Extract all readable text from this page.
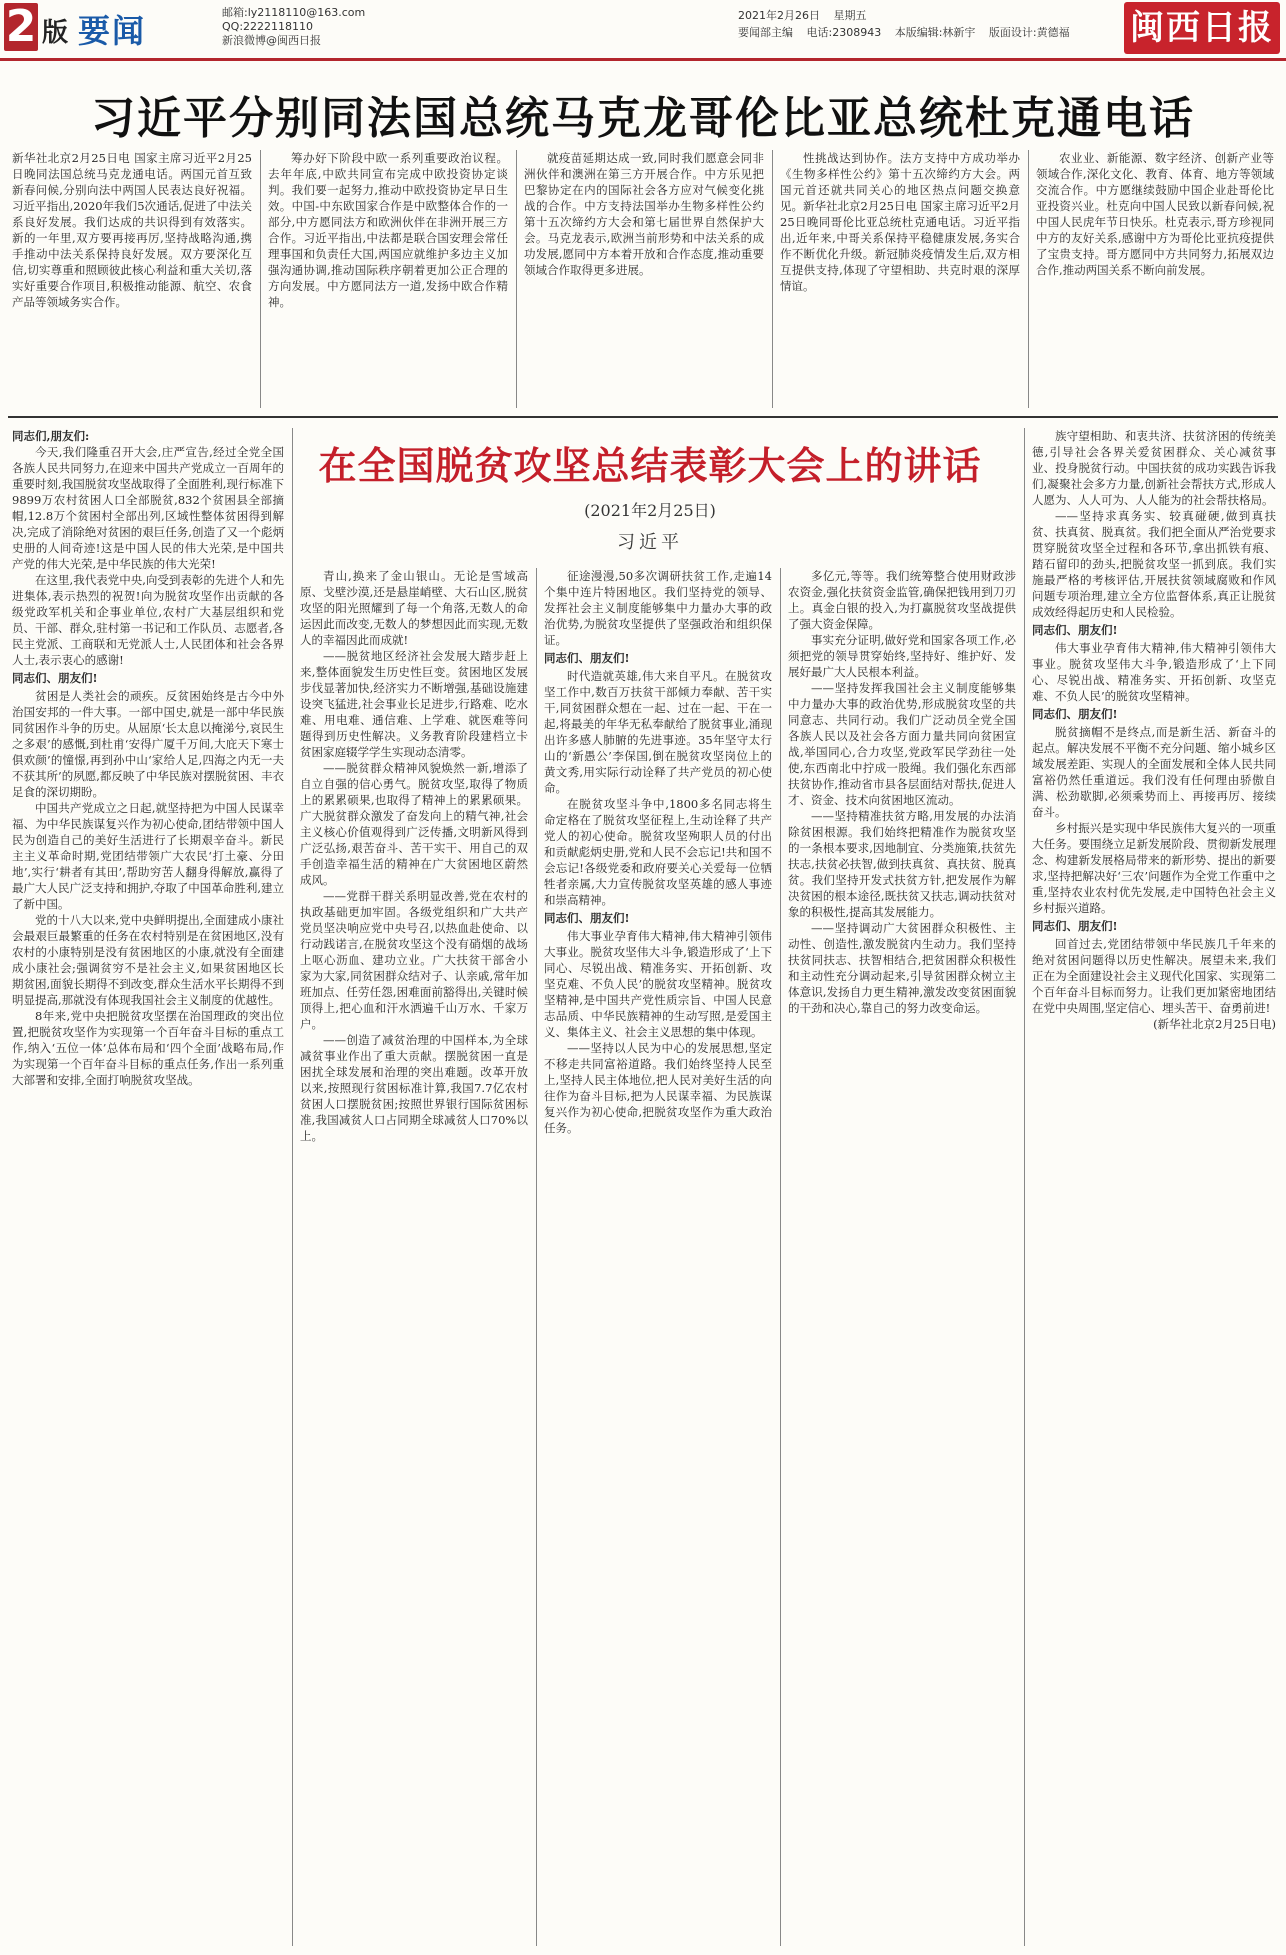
2 版 要闻	邮箱:ly2118110@163.com
QQ:2222118110
新浪微博@闽西日报
2021年2月26日 星期五
要闻部主编 电话:2308943 本版编辑:林新宇 版面设计:黄德福 闽西日报
习近平分别同法国总统马克龙哥伦比亚总统杜克通电话

新华社北京2月25日电 国家主席习近平2月25日晚同法国总统马克龙通电话。两国元首互致新春问候,分别向法中两国人民表达良好祝福。习近平指出,2020年我们5次通话,促进了中法关系良好发展。我们达成的共识得到有效落实。新的一年里,双方要再接再厉,坚持战略沟通,携手推动中法关系保持良好发展。双方要深化互信,切实尊重和照顾彼此核心利益和重大关切,落实好重要合作项目,积极推动能源、航空、农食产品等领域务实合作。

筹办好下阶段中欧一系列重要政治议程。去年年底,中欧共同宣布完成中欧投资协定谈判。我们要一起努力,推动中欧投资协定早日生效。中国-中东欧国家合作是中欧整体合作的一部分,中方愿同法方和欧洲伙伴在非洲开展三方合作。习近平指出,中法都是联合国安理会常任理事国和负责任大国,两国应就维护多边主义加强沟通协调,推动国际秩序朝着更加公正合理的方向发展。中方愿同法方一道,发扬中欧合作精神。

就疫苗延期达成一致,同时我们愿意会同非洲伙伴和澳洲在第三方开展合作。中方乐见把巴黎协定在内的国际社会各方应对气候变化挑战的合作。中方支持法国举办生物多样性公约第十五次缔约方大会和第七届世界自然保护大会。马克龙表示,欧洲当前形势和中法关系的成功发展,愿同中方本着开放和合作态度,推动重要领域合作取得更多进展。

性挑战达到协作。法方支持中方成功举办《生物多样性公约》第十五次缔约方大会。两国元首还就共同关心的地区热点问题交换意见。新华社北京2月25日电 国家主席习近平2月25日晚同哥伦比亚总统杜克通电话。习近平指出,近年来,中哥关系保持平稳健康发展,务实合作不断优化升级。新冠肺炎疫情发生后,双方相互提供支持,体现了守望相助、共克时艰的深厚情谊。

农业业、新能源、数字经济、创新产业等领域合作,深化文化、教育、体育、地方等领域交流合作。中方愿继续鼓励中国企业赴哥伦比亚投资兴业。杜克向中国人民致以新春问候,祝中国人民虎年节日快乐。杜克表示,哥方珍视同中方的友好关系,感谢中方为哥伦比亚抗疫提供了宝贵支持。哥方愿同中方共同努力,拓展双边合作,推动两国关系不断向前发展。

在全国脱贫攻坚总结表彰大会上的讲话
(2021年2月25日)
习近平

同志们,朋友们:

今天,我们隆重召开大会,庄严宣告,经过全党全国各族人民共同努力,在迎来中国共产党成立一百周年的重要时刻,我国脱贫攻坚战取得了全面胜利,现行标准下9899万农村贫困人口全部脱贫,832个贫困县全部摘帽,12.8万个贫困村全部出列,区域性整体贫困得到解决,完成了消除绝对贫困的艰巨任务,创造了又一个彪炳史册的人间奇迹!这是中国人民的伟大光荣,是中国共产党的伟大光荣,是中华民族的伟大光荣!

在这里,我代表党中央,向受到表彰的先进个人和先进集体,表示热烈的祝贺!向为脱贫攻坚作出贡献的各级党政军机关和企事业单位,农村广大基层组织和党员、干部、群众,驻村第一书记和工作队员、志愿者,各民主党派、工商联和无党派人士,人民团体和社会各界人士,表示衷心的感谢!

同志们、朋友们!

贫困是人类社会的顽疾。反贫困始终是古今中外治国安邦的一件大事。一部中国史,就是一部中华民族同贫困作斗争的历史。从屈原‘长太息以掩涕兮,哀民生之多艰’的感慨,到杜甫‘安得广厦千万间,大庇天下寒士俱欢颜’的憧憬,再到孙中山‘家给人足,四海之内无一夫不获其所’的夙愿,都反映了中华民族对摆脱贫困、丰衣足食的深切期盼。

中国共产党成立之日起,就坚持把为中国人民谋幸福、为中华民族谋复兴作为初心使命,团结带领中国人民为创造自己的美好生活进行了长期艰辛奋斗。新民主主义革命时期,党团结带领广大农民‘打土豪、分田地’,实行‘耕者有其田’,帮助穷苦人翻身得解放,赢得了最广大人民广泛支持和拥护,夺取了中国革命胜利,建立了新中国。

党的十八大以来,党中央鲜明提出,全面建成小康社会最艰巨最繁重的任务在农村特别是在贫困地区,没有农村的小康特别是没有贫困地区的小康,就没有全面建成小康社会;强调贫穷不是社会主义,如果贫困地区长期贫困,面貌长期得不到改变,群众生活水平长期得不到明显提高,那就没有体现我国社会主义制度的优越性。

8年来,党中央把脱贫攻坚摆在治国理政的突出位置,把脱贫攻坚作为实现第一个百年奋斗目标的重点工作,纳入‘五位一体’总体布局和‘四个全面’战略布局,作为实现第一个百年奋斗目标的重点任务,作出一系列重大部署和安排,全面打响脱贫攻坚战。

青山,换来了金山银山。无论是雪域高原、戈壁沙漠,还是悬崖峭壁、大石山区,脱贫攻坚的阳光照耀到了每一个角落,无数人的命运因此而改变,无数人的梦想因此而实现,无数人的幸福因此而成就!

——脱贫地区经济社会发展大踏步赶上来,整体面貌发生历史性巨变。贫困地区发展步伐显著加快,经济实力不断增强,基础设施建设突飞猛进,社会事业长足进步,行路难、吃水难、用电难、通信难、上学难、就医难等问题得到历史性解决。义务教育阶段建档立卡贫困家庭辍学学生实现动态清零。

——脱贫群众精神风貌焕然一新,增添了自立自强的信心勇气。脱贫攻坚,取得了物质上的累累硕果,也取得了精神上的累累硕果。广大脱贫群众激发了奋发向上的精气神,社会主义核心价值观得到广泛传播,文明新风得到广泛弘扬,艰苦奋斗、苦干实干、用自己的双手创造幸福生活的精神在广大贫困地区蔚然成风。

——党群干群关系明显改善,党在农村的执政基础更加牢固。各级党组织和广大共产党员坚决响应党中央号召,以热血赴使命、以行动践诺言,在脱贫攻坚这个没有硝烟的战场上呕心沥血、建功立业。广大扶贫干部舍小家为大家,同贫困群众结对子、认亲戚,常年加班加点、任劳任怨,困难面前豁得出,关键时候顶得上,把心血和汗水洒遍千山万水、千家万户。

——创造了减贫治理的中国样本,为全球减贫事业作出了重大贡献。摆脱贫困一直是困扰全球发展和治理的突出难题。改革开放以来,按照现行贫困标准计算,我国7.7亿农村贫困人口摆脱贫困;按照世界银行国际贫困标准,我国减贫人口占同期全球减贫人口70%以上。

征途漫漫,50多次调研扶贫工作,走遍14个集中连片特困地区。我们坚持党的领导、发挥社会主义制度能够集中力量办大事的政治优势,为脱贫攻坚提供了坚强政治和组织保证。

同志们、朋友们!

时代造就英雄,伟大来自平凡。在脱贫攻坚工作中,数百万扶贫干部倾力奉献、苦干实干,同贫困群众想在一起、过在一起、干在一起,将最美的年华无私奉献给了脱贫事业,涌现出许多感人肺腑的先进事迹。35年坚守太行山的‘新愚公’李保国,倒在脱贫攻坚岗位上的黄文秀,用实际行动诠释了共产党员的初心使命。

在脱贫攻坚斗争中,1800多名同志将生命定格在了脱贫攻坚征程上,生动诠释了共产党人的初心使命。脱贫攻坚殉职人员的付出和贡献彪炳史册,党和人民不会忘记!共和国不会忘记!各级党委和政府要关心关爱每一位牺牲者亲属,大力宣传脱贫攻坚英雄的感人事迹和崇高精神。

同志们、朋友们!

伟大事业孕育伟大精神,伟大精神引领伟大事业。脱贫攻坚伟大斗争,锻造形成了‘上下同心、尽锐出战、精准务实、开拓创新、攻坚克难、不负人民’的脱贫攻坚精神。脱贫攻坚精神,是中国共产党性质宗旨、中国人民意志品质、中华民族精神的生动写照,是爱国主义、集体主义、社会主义思想的集中体现。

——坚持以人民为中心的发展思想,坚定不移走共同富裕道路。我们始终坚持人民至上,坚持人民主体地位,把人民对美好生活的向往作为奋斗目标,把为人民谋幸福、为民族谋复兴作为初心使命,把脱贫攻坚作为重大政治任务。

多亿元,等等。我们统筹整合使用财政涉农资金,强化扶贫资金监管,确保把钱用到刀刃上。真金白银的投入,为打赢脱贫攻坚战提供了强大资金保障。

事实充分证明,做好党和国家各项工作,必须把党的领导贯穿始终,坚持好、维护好、发展好最广大人民根本利益。

——坚持发挥我国社会主义制度能够集中力量办大事的政治优势,形成脱贫攻坚的共同意志、共同行动。我们广泛动员全党全国各族人民以及社会各方面力量共同向贫困宣战,举国同心,合力攻坚,党政军民学劲往一处使,东西南北中拧成一股绳。我们强化东西部扶贫协作,推动省市县各层面结对帮扶,促进人才、资金、技术向贫困地区流动。

——坚持精准扶贫方略,用发展的办法消除贫困根源。我们始终把精准作为脱贫攻坚的一条根本要求,因地制宜、分类施策,扶贫先扶志,扶贫必扶智,做到扶真贫、真扶贫、脱真贫。我们坚持开发式扶贫方针,把发展作为解决贫困的根本途径,既扶贫又扶志,调动扶贫对象的积极性,提高其发展能力。

——坚持调动广大贫困群众积极性、主动性、创造性,激发脱贫内生动力。我们坚持扶贫同扶志、扶智相结合,把贫困群众积极性和主动性充分调动起来,引导贫困群众树立主体意识,发扬自力更生精神,激发改变贫困面貌的干劲和决心,靠自己的努力改变命运。

族守望相助、和衷共济、扶贫济困的传统美德,引导社会各界关爱贫困群众、关心减贫事业、投身脱贫行动。中国扶贫的成功实践告诉我们,凝聚社会多方力量,创新社会帮扶方式,形成人人愿为、人人可为、人人能为的社会帮扶格局。

——坚持求真务实、较真碰硬,做到真扶贫、扶真贫、脱真贫。我们把全面从严治党要求贯穿脱贫攻坚全过程和各环节,拿出抓铁有痕、踏石留印的劲头,把脱贫攻坚一抓到底。我们实施最严格的考核评估,开展扶贫领域腐败和作风问题专项治理,建立全方位监督体系,真正让脱贫成效经得起历史和人民检验。

同志们、朋友们!

伟大事业孕育伟大精神,伟大精神引领伟大事业。脱贫攻坚伟大斗争,锻造形成了‘上下同心、尽锐出战、精准务实、开拓创新、攻坚克难、不负人民’的脱贫攻坚精神。

同志们、朋友们!

脱贫摘帽不是终点,而是新生活、新奋斗的起点。解决发展不平衡不充分问题、缩小城乡区域发展差距、实现人的全面发展和全体人民共同富裕仍然任重道远。我们没有任何理由骄傲自满、松劲歇脚,必须乘势而上、再接再厉、接续奋斗。

乡村振兴是实现中华民族伟大复兴的一项重大任务。要围绕立足新发展阶段、贯彻新发展理念、构建新发展格局带来的新形势、提出的新要求,坚持把解决好‘三农’问题作为全党工作重中之重,坚持农业农村优先发展,走中国特色社会主义乡村振兴道路。

同志们、朋友们!

回首过去,党团结带领中华民族几千年来的绝对贫困问题得以历史性解决。展望未来,我们正在为全面建设社会主义现代化国家、实现第二个百年奋斗目标而努力。让我们更加紧密地团结在党中央周围,坚定信心、埋头苦干、奋勇前进!

(新华社北京2月25日电)
